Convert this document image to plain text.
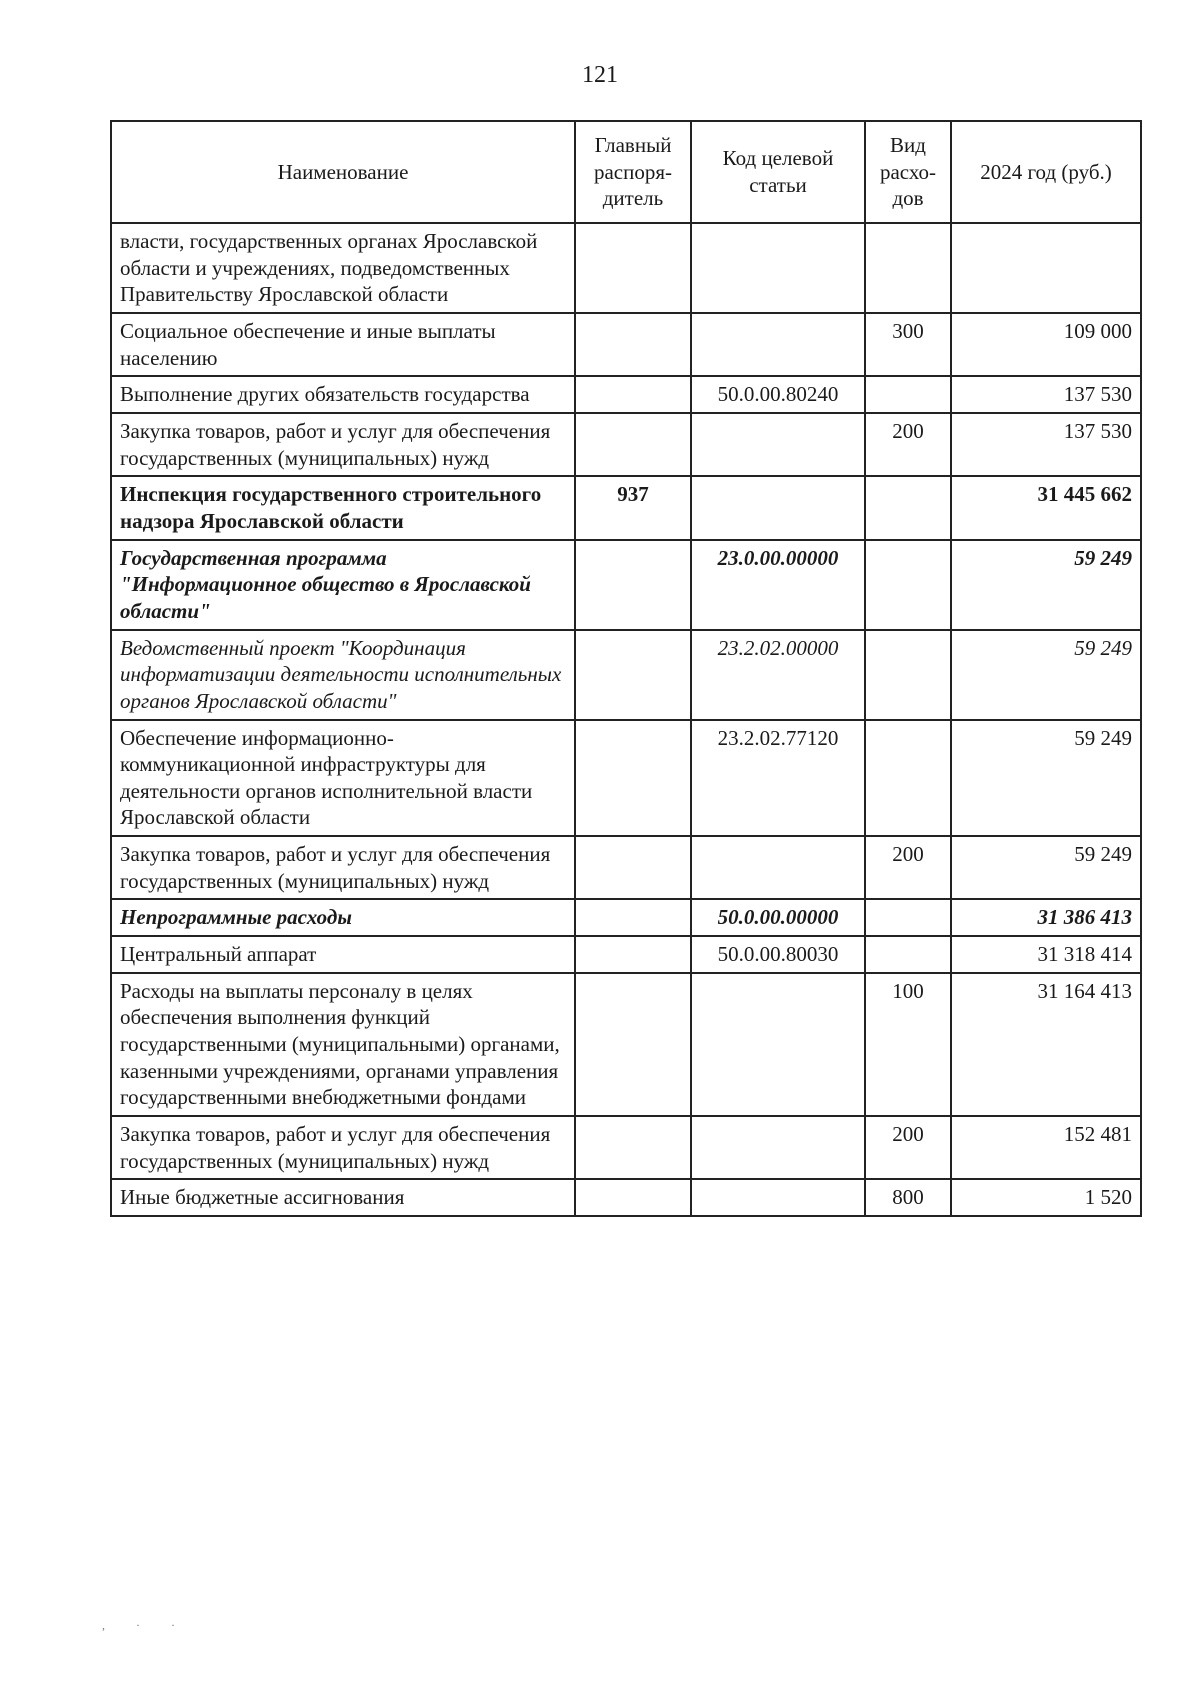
121
Наименование	Главный распоря-дитель	Код целевой статьи	Вид расхо-дов	2024 год (руб.)
власти, государственных органах Ярославской области и учреждениях, подведомственных Правительству Ярославской области				
Социальное обеспечение и иные выплаты населению			300	109 000
Выполнение других обязательств государства		50.0.00.80240		137 530
Закупка товаров, работ и услуг для обеспечения государственных (муниципальных) нужд			200	137 530
Инспекция государственного строительного надзора Ярославской области	937			31 445 662
Государственная программа "Информационное общество в Ярославской области"		23.0.00.00000		59 249
Ведомственный проект "Координация информатизации деятельности исполнительных органов Ярославской области"		23.2.02.00000		59 249
Обеспечение информационно-коммуникационной инфраструктуры для деятельности органов исполнительной власти Ярославской области		23.2.02.77120		59 249
Закупка товаров, работ и услуг для обеспечения государственных (муниципальных) нужд			200	59 249
Непрограммные расходы		50.0.00.00000		31 386 413
Центральный аппарат		50.0.00.80030		31 318 414
Расходы на выплаты персоналу в целях обеспечения выполнения функций государственными (муниципальными) органами, казенными учреждениями, органами управления государственными внебюджетными фондами			100	31 164 413
Закупка товаров, работ и услуг для обеспечения государственных (муниципальных) нужд			200	152 481
Иные бюджетные ассигнования			800	1 520
, · ·
